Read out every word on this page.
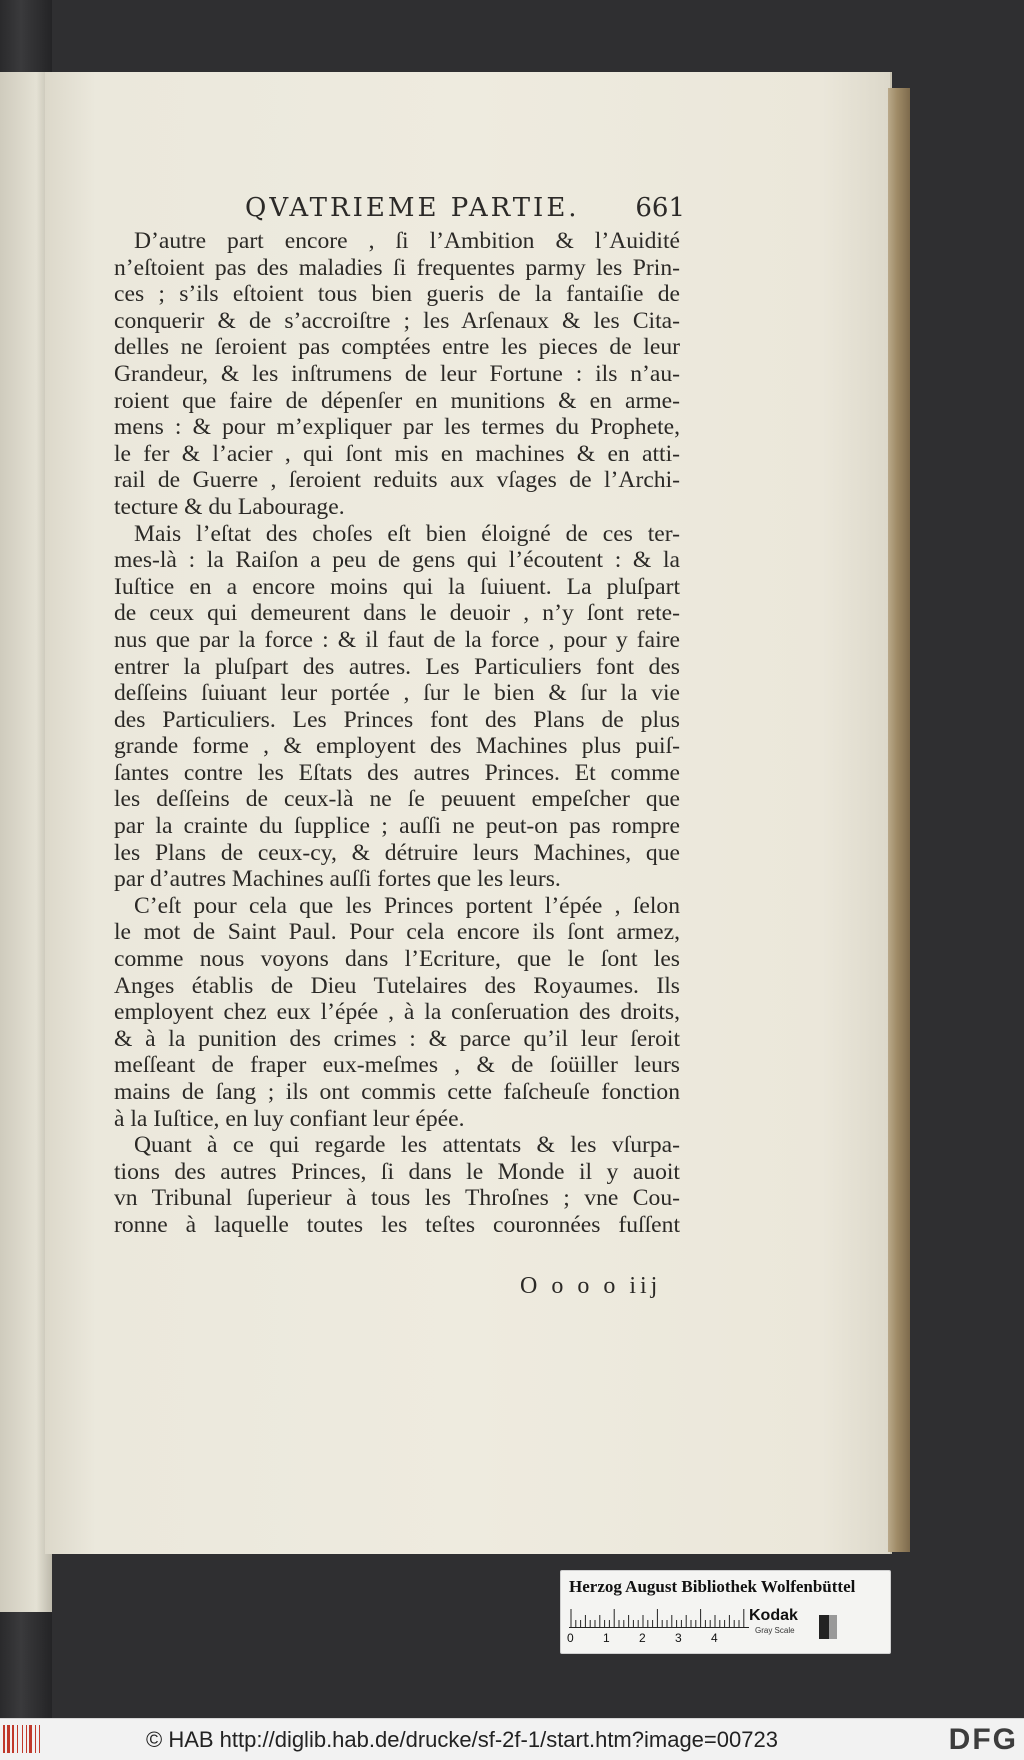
QVATRIEME PARTIE. 661
D’autre part encore , ſi l’Ambition & l’Auidité
n’eſtoient pas des maladies ſi frequentes parmy les Prin-
ces ; s’ils eſtoient tous bien gueris de la fantaiſie de
conquerir & de s’accroiſtre ; les Arſenaux & les Cita-
delles ne ſeroient pas comptées entre les pieces de leur
Grandeur, & les inſtrumens de leur Fortune : ils n’au-
roient que faire de dépenſer en munitions & en arme-
mens : & pour m’expliquer par les termes du Prophete,
le fer & l’acier , qui ſont mis en machines & en atti-
rail de Guerre , ſeroient reduits aux vſages de l’Archi-
tecture & du Labourage.
Mais l’eſtat des choſes eſt bien éloigné de ces ter-
mes-là : la Raiſon a peu de gens qui l’écoutent : & la
Iuſtice en a encore moins qui la ſuiuent. La pluſpart
de ceux qui demeurent dans le deuoir , n’y ſont rete-
nus que par la force : & il faut de la force , pour y faire
entrer la pluſpart des autres. Les Particuliers font des
deſſeins ſuiuant leur portée , ſur le bien & ſur la vie
des Particuliers. Les Princes font des Plans de plus
grande forme , & employent des Machines plus puiſ-
ſantes contre les Eſtats des autres Princes. Et comme
les deſſeins de ceux-là ne ſe peuuent empeſcher que
par la crainte du ſupplice ; auſſi ne peut-on pas rompre
les Plans de ceux-cy, & détruire leurs Machines, que
par d’autres Machines auſſi fortes que les leurs.
C’eſt pour cela que les Princes portent l’épée , ſelon
le mot de Saint Paul. Pour cela encore ils ſont armez,
comme nous voyons dans l’Ecriture, que le ſont les
Anges établis de Dieu Tutelaires des Royaumes. Ils
employent chez eux l’épée , à la conſeruation des droits,
& à la punition des crimes : & parce qu’il leur ſeroit
meſſeant de fraper eux-meſmes , & de ſoüiller leurs
mains de ſang ; ils ont commis cette faſcheuſe fonction
à la Iuſtice, en luy confiant leur épée.
Quant à ce qui regarde les attentats & les vſurpa-
tions des autres Princes, ſi dans le Monde il y auoit
vn Tribunal ſuperieur à tous les Throſnes ; vne Cou-
ronne à laquelle toutes les teſtes couronnées fuſſent
O o o o iij
Herzog August Bibliothek Wolfenbüttel
0 1 2 3 4
Kodak
Gray Scale
© HAB http://diglib.hab.de/drucke/sf-2f-1/start.htm?image=00723	DFG
